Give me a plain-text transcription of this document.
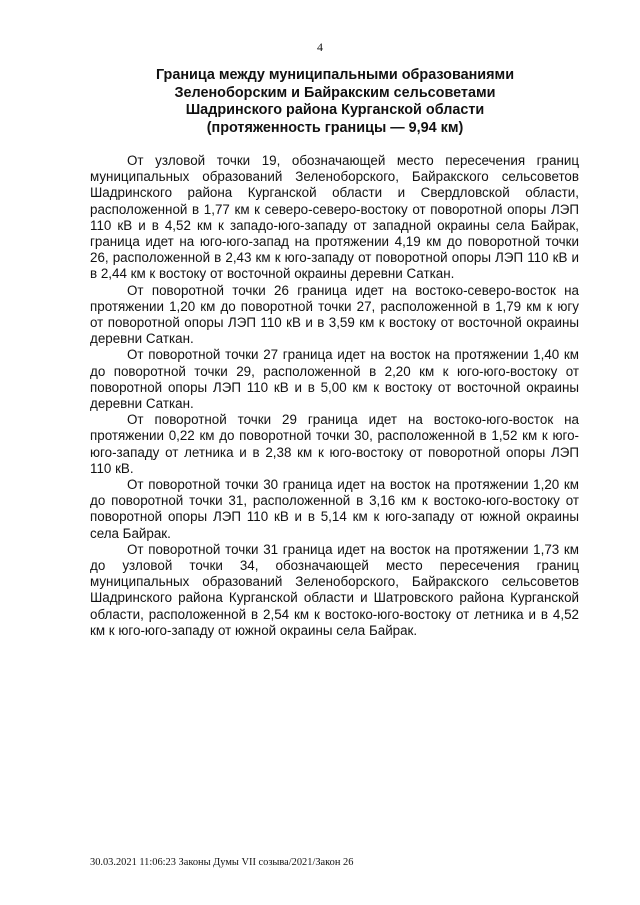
4
Граница между муниципальными образованиями
Зеленоборским и Байракским сельсоветами
Шадринского района Курганской области
(протяженность границы — 9,94 км)

От узловой точки 19, обозначающей место пересечения границ муниципальных образований Зеленоборского, Байракского сельсоветов Шадринского района Курганской области и Свердловской области, расположенной в 1,77 км к северо-северо-востоку от поворотной опоры ЛЭП 110 кВ и в 4,52 км к западо-юго-западу от западной окраины села Байрак, граница идет на юго-юго-запад на протяжении 4,19 км до поворотной точки 26, расположенной в 2,43 км к юго-западу от поворотной опоры ЛЭП 110 кВ и в 2,44 км к востоку от восточной окраины деревни Саткан.

От поворотной точки 26 граница идет на востоко-северо-восток на протяжении 1,20 км до поворотной точки 27, расположенной в 1,79 км к югу от поворотной опоры ЛЭП 110 кВ и в 3,59 км к востоку от восточной окраины деревни Саткан.

От поворотной точки 27 граница идет на восток на протяжении 1,40 км до поворотной точки 29, расположенной в 2,20 км к юго-юго-востоку от поворотной опоры ЛЭП 110 кВ и в 5,00 км к востоку от восточной окраины деревни Саткан.

От поворотной точки 29 граница идет на востоко-юго-восток на протяжении 0,22 км до поворотной точки 30, расположенной в 1,52 км к юго-юго-западу от летника и в 2,38 км к юго-востоку от поворотной опоры ЛЭП 110 кВ.

От поворотной точки 30 граница идет на восток на протяжении 1,20 км до поворотной точки 31, расположенной в 3,16 км к востоко-юго-востоку от поворотной опоры ЛЭП 110 кВ и в 5,14 км к юго-западу от южной окраины села Байрак.

От поворотной точки 31 граница идет на восток на протяжении 1,73 км до узловой точки 34, обозначающей место пересечения границ муниципальных образований Зеленоборского, Байракского сельсоветов Шадринского района Курганской области и Шатровского района Курганской области, расположенной в 2,54 км к востоко-юго-востоку от летника и в 4,52 км к юго-юго-западу от южной окраины села Байрак.

30.03.2021 11:06:23 Законы Думы VII созыва/2021/Закон 26
